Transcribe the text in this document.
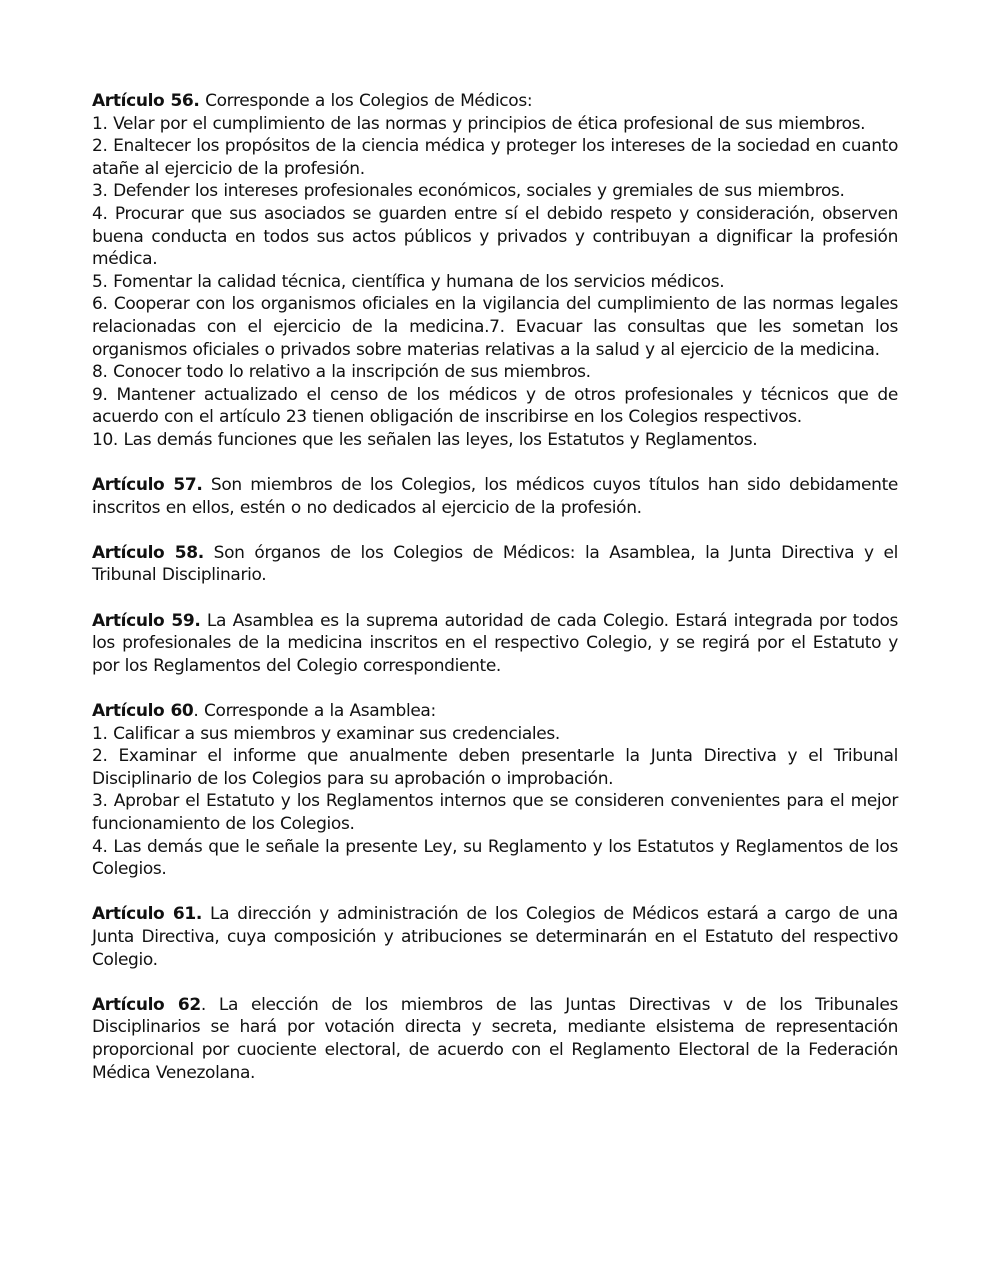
Artículo 56. Corresponde a los Colegios de Médicos:

1. Velar por el cumplimiento de las normas y principios de ética profesional de sus miembros.

2. Enaltecer los propósitos de la ciencia médica y proteger los intereses de la sociedad en cuanto atañe al ejercicio de la profesión.

3. Defender los intereses profesionales económicos, sociales y gremiales de sus miembros.

4. Procurar que sus asociados se guarden entre sí el debido respeto y consideración, observen buena conducta en todos sus actos públicos y privados y contribuyan a dignificar la profesión médica.

5. Fomentar la calidad técnica, científica y humana de los servicios médicos.

6. Cooperar con los organismos oficiales en la vigilancia del cumplimiento de las normas legales relacionadas con el ejercicio de la medicina.7. Evacuar las consultas que les sometan los organismos oficiales o privados sobre materias relativas a la salud y al ejercicio de la medicina.

8. Conocer todo lo relativo a la inscripción de sus miembros.

9. Mantener actualizado el censo de los médicos y de otros profesionales y técnicos que de acuerdo con el artículo 23 tienen obligación de inscribirse en los Colegios respectivos.

10. Las demás funciones que les señalen las leyes, los Estatutos y Reglamentos.

Artículo 57. Son miembros de los Colegios, los médicos cuyos títulos han sido debidamente inscritos en ellos, estén o no dedicados al ejercicio de la profesión.

Artículo 58. Son órganos de los Colegios de Médicos: la Asamblea, la Junta Directiva y el Tribunal Disciplinario.

Artículo 59. La Asamblea es la suprema autoridad de cada Colegio. Estará integrada por todos los profesionales de la medicina inscritos en el respectivo Colegio, y se regirá por el Estatuto y por los Reglamentos del Colegio correspondiente.

Artículo 60. Corresponde a la Asamblea:

1. Calificar a sus miembros y examinar sus credenciales.

2. Examinar el informe que anualmente deben presentarle la Junta Directiva y el Tribunal Disciplinario de los Colegios para su aprobación o improbación.

3. Aprobar el Estatuto y los Reglamentos internos que se consideren convenientes para el mejor funcionamiento de los Colegios.

4. Las demás que le señale la presente Ley, su Reglamento y los Estatutos y Reglamentos de los Colegios.

Artículo 61. La dirección y administración de los Colegios de Médicos estará a cargo de una Junta Directiva, cuya composición y atribuciones se determinarán en el Estatuto del respectivo Colegio.

Artículo 62. La elección de los miembros de las Juntas Directivas v de los Tribunales Disciplinarios se hará por votación directa y secreta, mediante elsistema de representación proporcional por cuociente electoral, de acuerdo con el Reglamento Electoral de la Federación Médica Venezolana.
